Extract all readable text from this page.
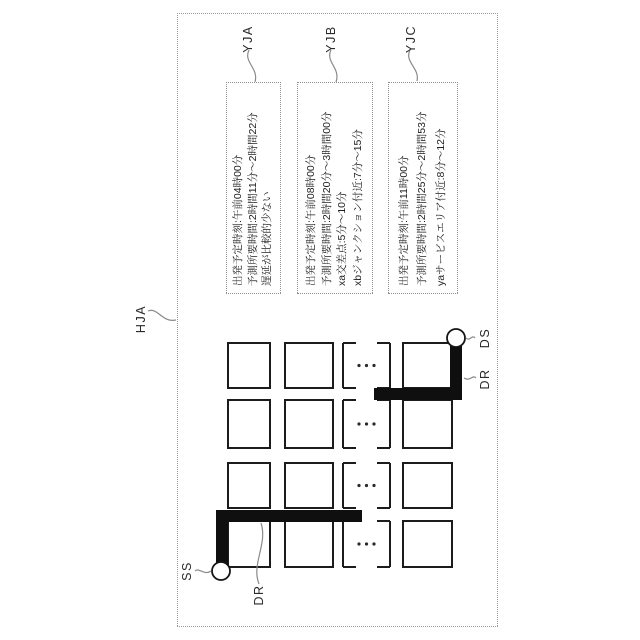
HJA
SS
DR
DS
DR
YJA	YJB	YJC
出発予定時刻:午前04時00分 予測所要時間:2時間11分～2時間22分 遅延が比較的少ない	出発予定時刻:午前08時00分 予測所要時間:2時間20分～3時間00分 xa交差点:5分～10分 xbジャンクション付近:7分～15分	出発予定時刻:午前11時00分 予測所要時間:2時間25分～2時間53分 yaサービスエリア付近:8分～12分
